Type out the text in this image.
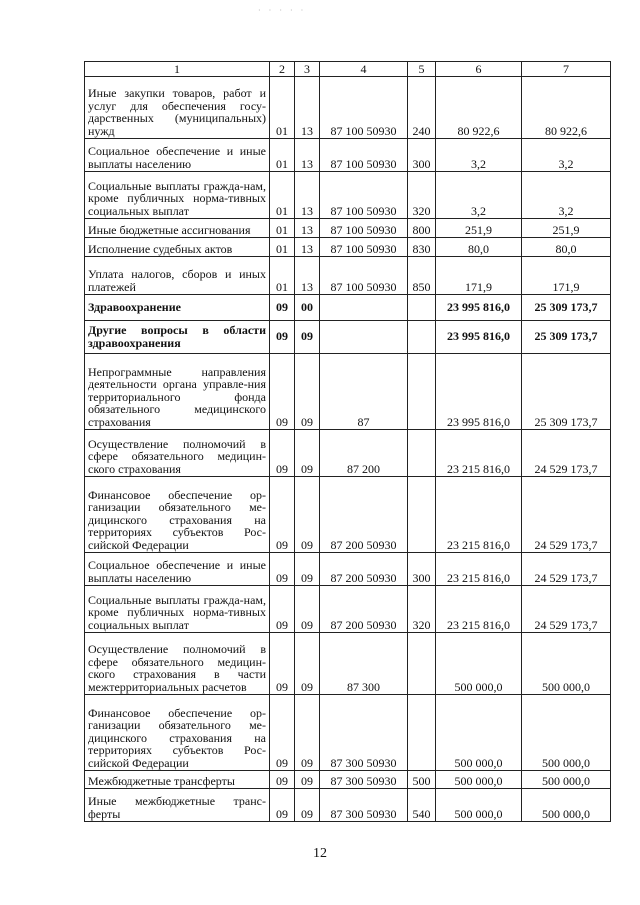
· · · · ·
1	2	3	4	5	6	7
Иные закупки товаров, работ и услуг для обеспечения госу-дарственных (муниципальных) нужд	01	13	87 100 50930	240	80 922,6	80 922,6
Социальное обеспечение и иные выплаты населению	01	13	87 100 50930	300	3,2	3,2
Социальные выплаты гражда-нам, кроме публичных норма-тивных социальных выплат	01	13	87 100 50930	320	3,2	3,2
Иные бюджетные ассигнования	01	13	87 100 50930	800	251,9	251,9
Исполнение судебных актов	01	13	87 100 50930	830	80,0	80,0
Уплата налогов, сборов и иных платежей	01	13	87 100 50930	850	171,9	171,9
Здравоохранение	09	00			23 995 816,0	25 309 173,7
Другие вопросы в области здравоохранения	09	09			23 995 816,0	25 309 173,7
Непрограммные направления деятельности органа управле-ния территориального фонда обязательного медицинского страхования	09	09	87		23 995 816,0	25 309 173,7
Осуществление полномочий в сфере обязательного медицин-ского страхования	09	09	87 200		23 215 816,0	24 529 173,7
Финансовое обеспечение ор-ганизации обязательного ме-дицинского страхования на территориях субъектов Рос-сийской Федерации	09	09	87 200 50930		23 215 816,0	24 529 173,7
Социальное обеспечение и иные выплаты населению	09	09	87 200 50930	300	23 215 816,0	24 529 173,7
Социальные выплаты гражда-нам, кроме публичных норма-тивных социальных выплат	09	09	87 200 50930	320	23 215 816,0	24 529 173,7
Осуществление полномочий в сфере обязательного медицин-ского страхования в части межтерриториальных расчетов	09	09	87 300		500 000,0	500 000,0
Финансовое обеспечение ор-ганизации обязательного ме-дицинского страхования на территориях субъектов Рос-сийской Федерации	09	09	87 300 50930		500 000,0	500 000,0
Межбюджетные трансферты	09	09	87 300 50930	500	500 000,0	500 000,0
Иные межбюджетные транс-ферты	09	09	87 300 50930	540	500 000,0	500 000,0
12
